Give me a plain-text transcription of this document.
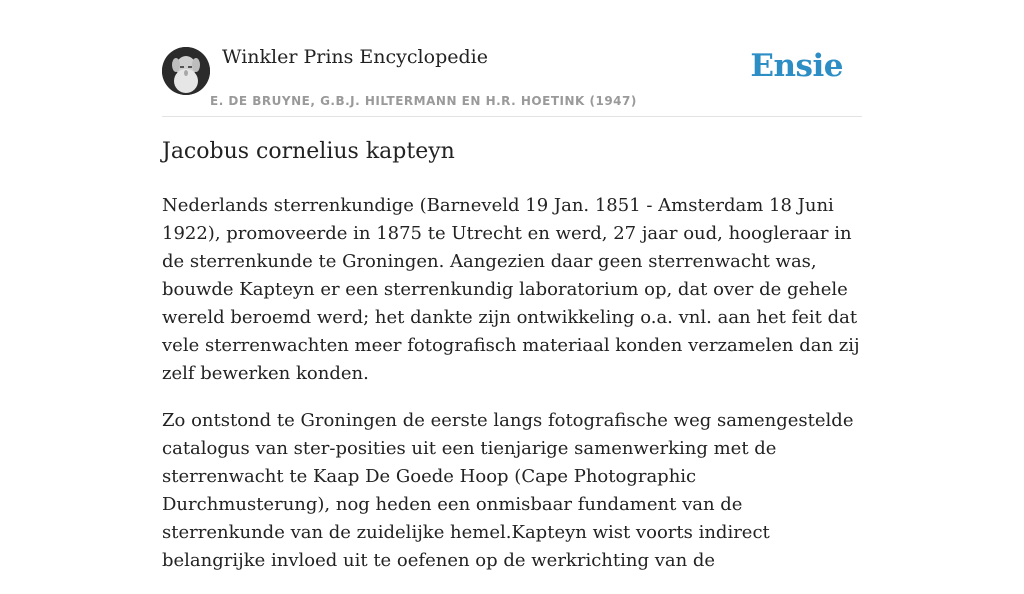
Winkler Prins Encyclopedie
E. DE BRUYNE, G.B.J. HILTERMANN EN H.R. HOETINK (1947)
Ensie
Jacobus cornelius kapteyn

Nederlands sterrenkundige (Barneveld 19 Jan. 1851 - Amsterdam 18 Juni 1922), promoveerde in 1875 te Utrecht en werd, 27 jaar oud, hoogleraar in de sterrenkunde te Groningen. Aangezien daar geen sterrenwacht was, bouwde Kapteyn er een sterrenkundig laboratorium op, dat over de gehele wereld beroemd werd; het dankte zijn ontwikkeling o.a. vnl. aan het feit dat vele sterrenwachten meer fotografisch materiaal konden verzamelen dan zij zelf bewerken konden.

Zo ontstond te Groningen de eerste langs fotografische weg samengestelde catalogus van ster-posities uit een tienjarige samenwerking met de sterrenwacht te Kaap De Goede Hoop (Cape Photographic Durchmusterung), nog heden een onmisbaar fundament van de sterrenkunde van de zuidelijke hemel.Kapteyn wist voorts indirect belangrijke invloed uit te oefenen op de werkrichting van de
